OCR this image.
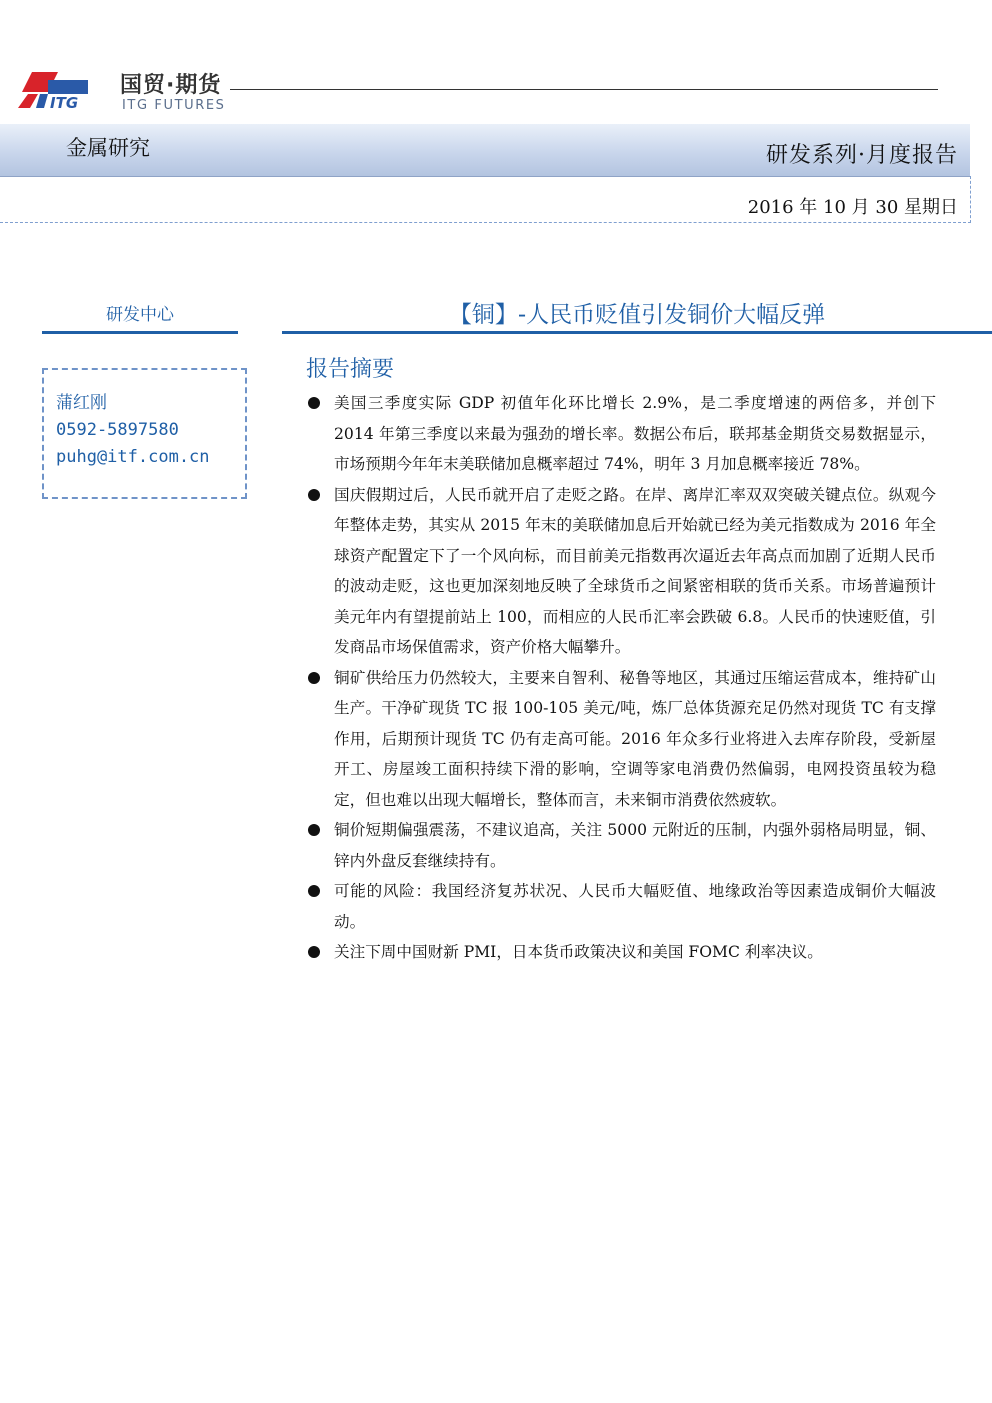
ITG
国贸·期货
ITG FUTURES
金属研究	研发系列·月度报告
2016 年 10 月 30 星期日
研发中心
蒲红刚
0592-5897580
puhg@itf.com.cn
【铜】-人民币贬值引发铜价大幅反弹
报告摘要
美国三季度实际 GDP 初值年化环比增长 2.9%，是二季度增速的两倍多，并创下 2014 年第三季度以来最为强劲的增长率。数据公布后，联邦基金期货交易数据显示，市场预期今年年末美联储加息概率超过 74%，明年 3 月加息概率接近 78%。
国庆假期过后，人民币就开启了走贬之路。在岸、离岸汇率双双突破关键点位。纵观今年整体走势，其实从 2015 年末的美联储加息后开始就已经为美元指数成为 2016 年全球资产配置定下了一个风向标，而目前美元指数再次逼近去年高点而加剧了近期人民币的波动走贬，这也更加深刻地反映了全球货币之间紧密相联的货币关系。市场普遍预计美元年内有望提前站上 100，而相应的人民币汇率会跌破 6.8。人民币的快速贬值，引发商品市场保值需求，资产价格大幅攀升。
铜矿供给压力仍然较大，主要来自智利、秘鲁等地区，其通过压缩运营成本，维持矿山生产。干净矿现货 TC 报 100-105 美元/吨，炼厂总体货源充足仍然对现货 TC 有支撑作用，后期预计现货 TC 仍有走高可能。2016 年众多行业将进入去库存阶段，受新屋开工、房屋竣工面积持续下滑的影响，空调等家电消费仍然偏弱，电网投资虽较为稳定，但也难以出现大幅增长，整体而言，未来铜市消费依然疲软。
铜价短期偏强震荡，不建议追高，关注 5000 元附近的压制，内强外弱格局明显，铜、锌内外盘反套继续持有。
可能的风险：我国经济复苏状况、人民币大幅贬值、地缘政治等因素造成铜价大幅波动。
关注下周中国财新 PMI，日本货币政策决议和美国 FOMC 利率决议。
